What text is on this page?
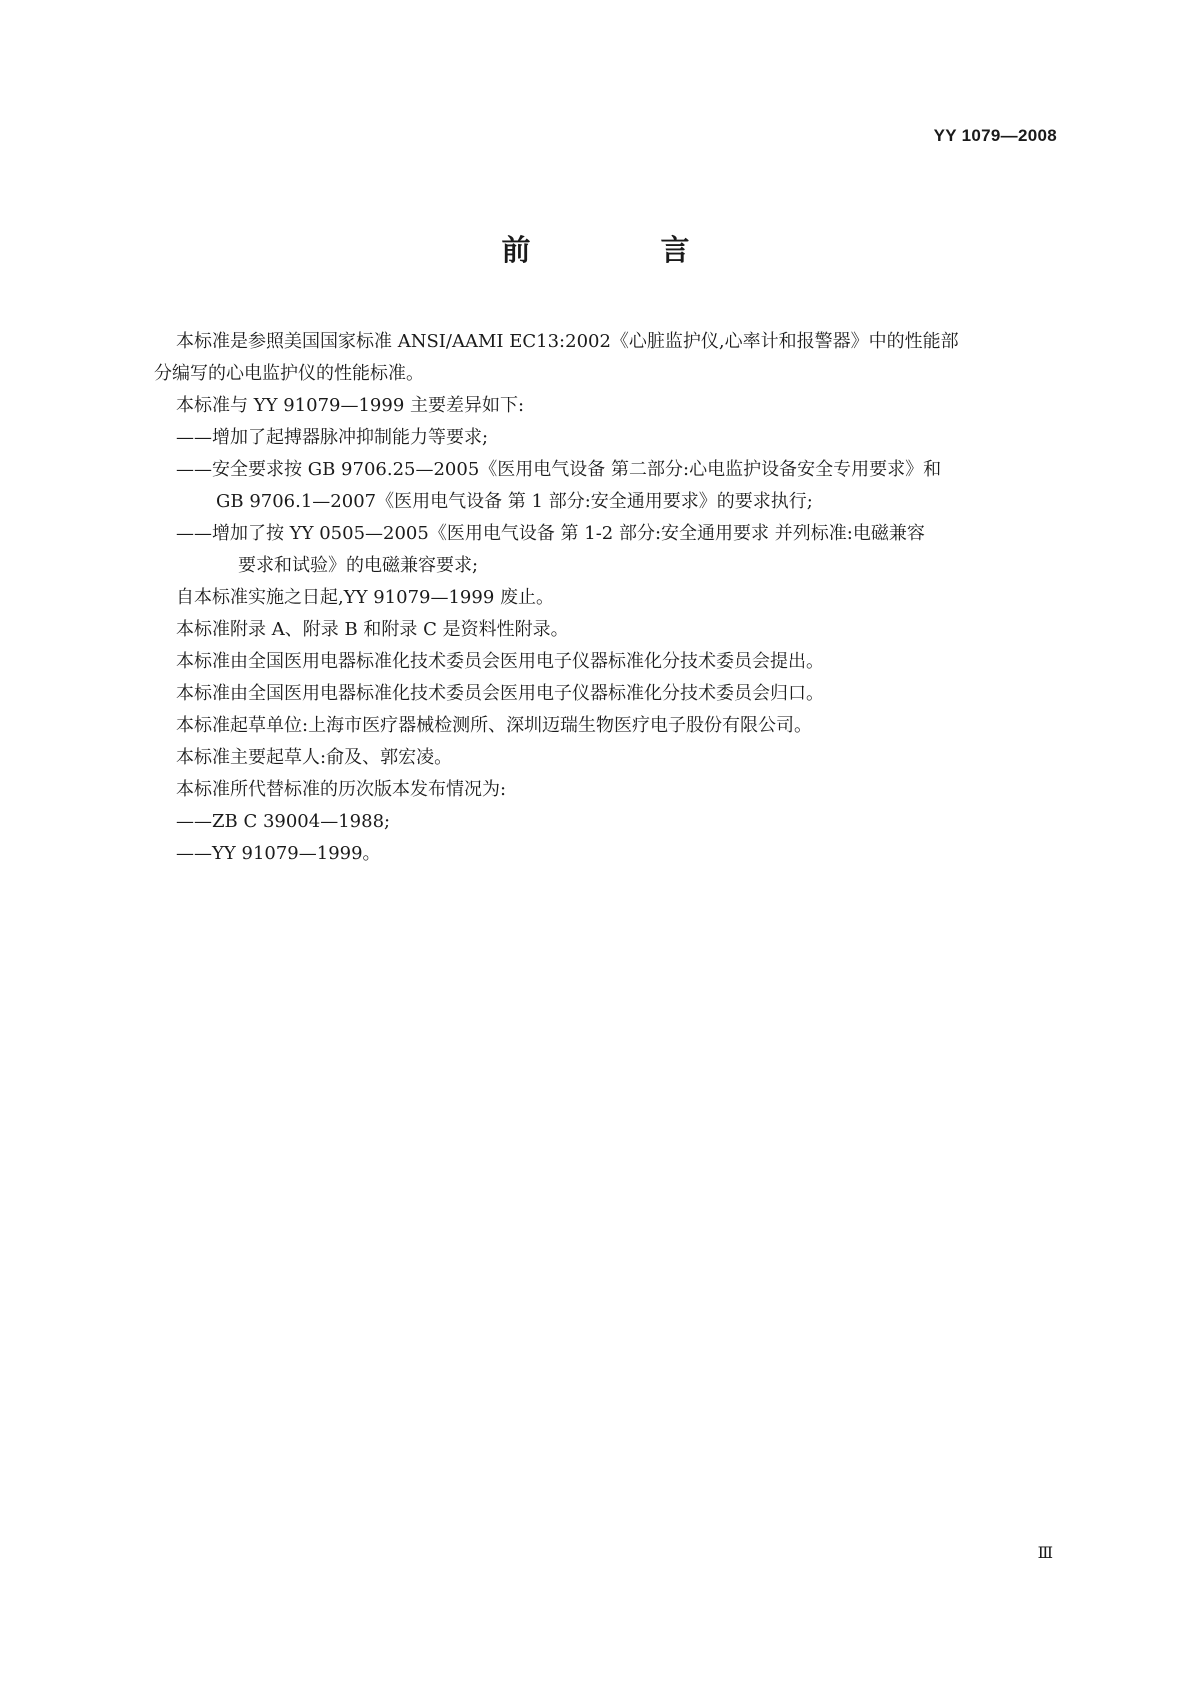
YY 1079—2008
前 言

本标准是参照美国国家标准 ANSI/AAMI EC13:2002《心脏监护仪,心率计和报警器》中的性能部
分编写的心电监护仪的性能标准。

本标准与 YY 91079—1999 主要差异如下:

——增加了起搏器脉冲抑制能力等要求;

——安全要求按 GB 9706.25—2005《医用电气设备 第二部分:心电监护设备安全专用要求》和
GB 9706.1—2007《医用电气设备 第 1 部分:安全通用要求》的要求执行;

——增加了按 YY 0505—2005《医用电气设备 第 1-2 部分:安全通用要求 并列标准:电磁兼容
要求和试验》的电磁兼容要求;

自本标准实施之日起,YY 91079—1999 废止。

本标准附录 A、附录 B 和附录 C 是资料性附录。

本标准由全国医用电器标准化技术委员会医用电子仪器标准化分技术委员会提出。

本标准由全国医用电器标准化技术委员会医用电子仪器标准化分技术委员会归口。

本标准起草单位:上海市医疗器械检测所、深圳迈瑞生物医疗电子股份有限公司。

本标准主要起草人:俞及、郭宏凌。

本标准所代替标准的历次版本发布情况为:

——ZB C 39004—1988;

——YY 91079—1999。

Ⅲ
